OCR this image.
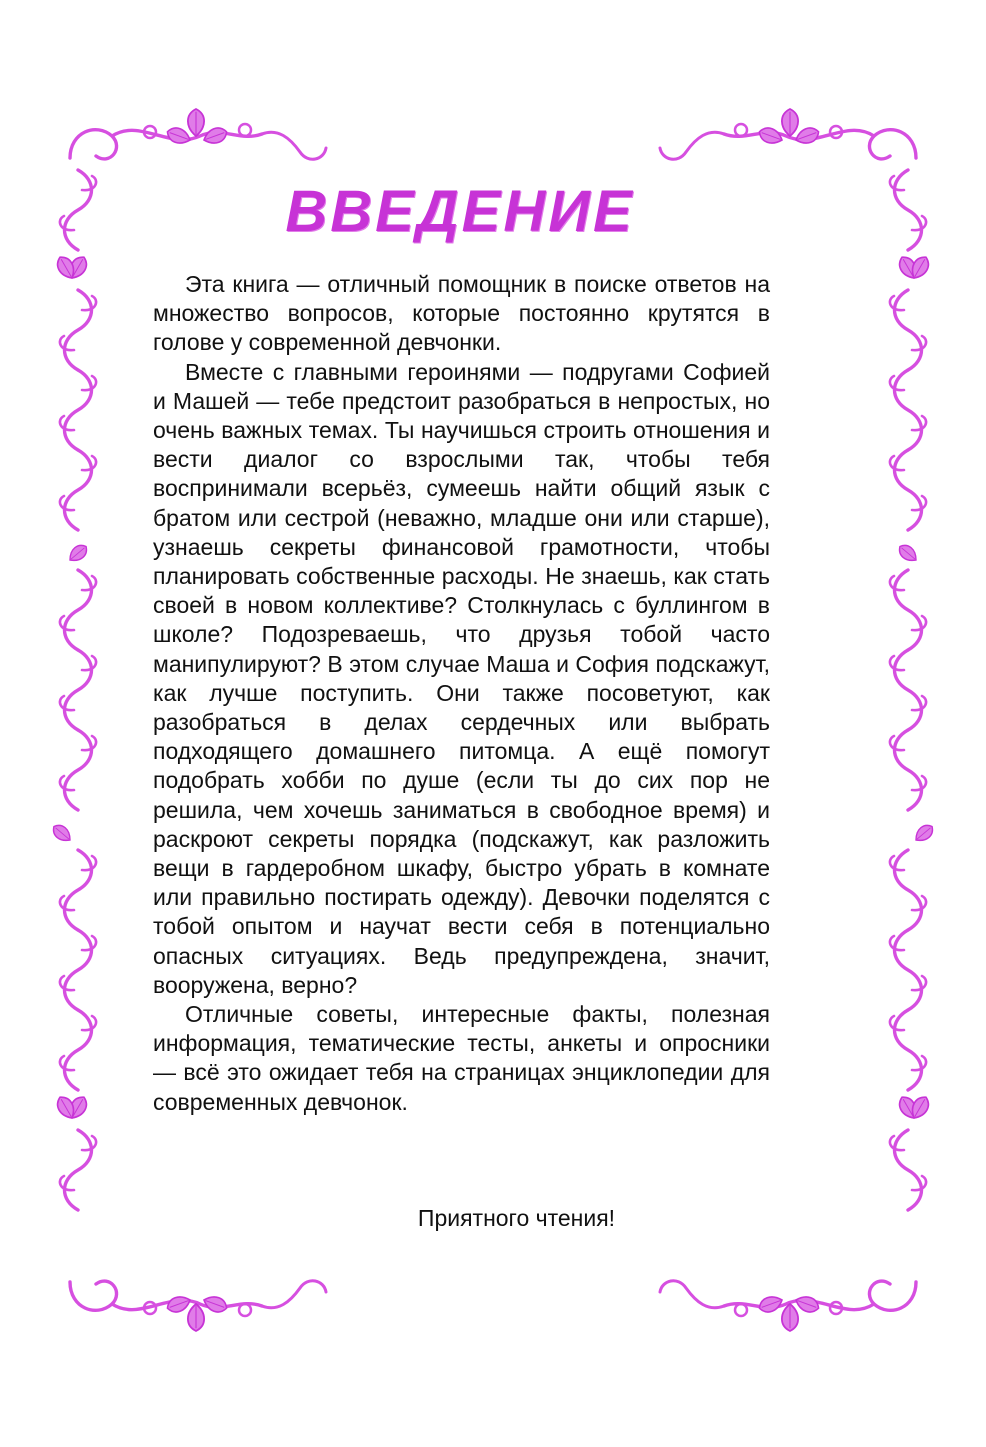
ВВЕДЕНИЕ

Эта книга — отличный помощник в поиске ответов на множество вопросов, которые постоянно крутятся в голове у современной девчонки.

Вместе с главными героинями — подругами Софией и Машей — тебе предстоит разобраться в непростых, но очень важных темах. Ты научишься строить отношения и вести диалог со взрослыми так, чтобы тебя воспринимали всерьёз, сумеешь найти общий язык с братом или сестрой (неважно, младше они или старше), узнаешь секреты финансовой грамотности, чтобы планировать собственные расходы. Не знаешь, как стать своей в новом коллективе? Столкнулась с буллингом в школе? Подозреваешь, что друзья тобой часто манипулируют? В этом случае Маша и София подскажут, как лучше поступить. Они также посоветуют, как разобраться в делах сердечных или выбрать подходящего домашнего питомца. А ещё помогут подобрать хобби по душе (если ты до сих пор не решила, чем хочешь заниматься в свободное время) и раскроют секреты порядка (подскажут, как разложить вещи в гардеробном шкафу, быстро убрать в комнате или правильно постирать одежду). Девочки поделятся с тобой опытом и научат вести себя в потенциально опасных ситуациях. Ведь предупреждена, значит, вооружена, верно?

Отличные советы, интересные факты, полезная информация, тематические тесты, анкеты и опросники — всё это ожидает тебя на страницах энциклопедии для современных девчонок.

Приятного чтения!
